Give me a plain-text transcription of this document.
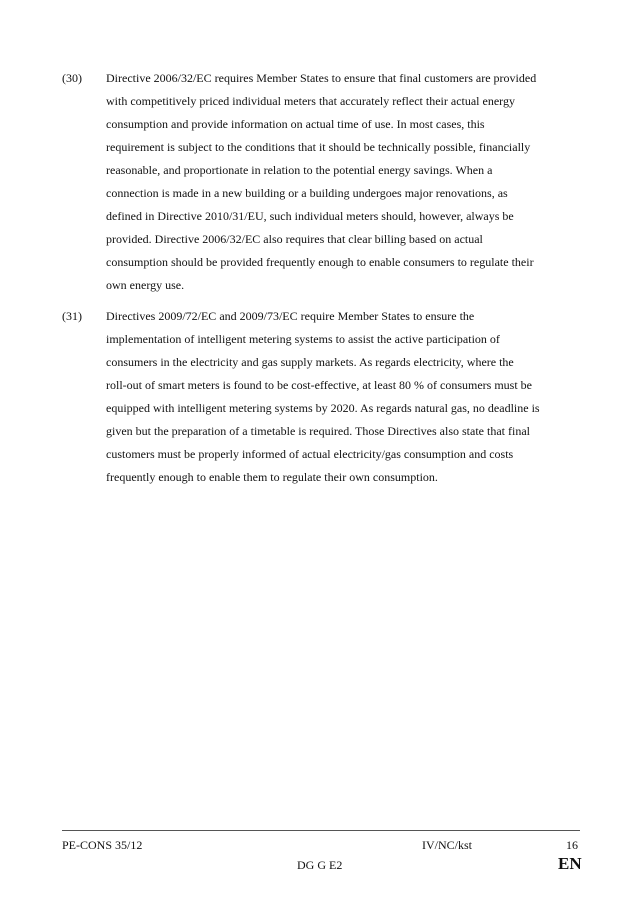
(30) Directive 2006/32/EC requires Member States to ensure that final customers are provided
with competitively priced individual meters that accurately reflect their actual energy
consumption and provide information on actual time of use. In most cases, this
requirement is subject to the conditions that it should be technically possible, financially
reasonable, and proportionate in relation to the potential energy savings. When a
connection is made in a new building or a building undergoes major renovations, as
defined in Directive 2010/31/EU, such individual meters should, however, always be
provided. Directive 2006/32/EC also requires that clear billing based on actual
consumption should be provided frequently enough to enable consumers to regulate their
own energy use.
(31) Directives 2009/72/EC and 2009/73/EC require Member States to ensure the
implementation of intelligent metering systems to assist the active participation of
consumers in the electricity and gas supply markets. As regards electricity, where the
roll-out of smart meters is found to be cost-effective, at least 80 % of consumers must be
equipped with intelligent metering systems by 2020. As regards natural gas, no deadline is
given but the preparation of a timetable is required. Those Directives also state that final
customers must be properly informed of actual electricity/gas consumption and costs
frequently enough to enable them to regulate their own consumption.
PE-CONS 35/12	IV/NC/kst	16
DG G E2	EN
